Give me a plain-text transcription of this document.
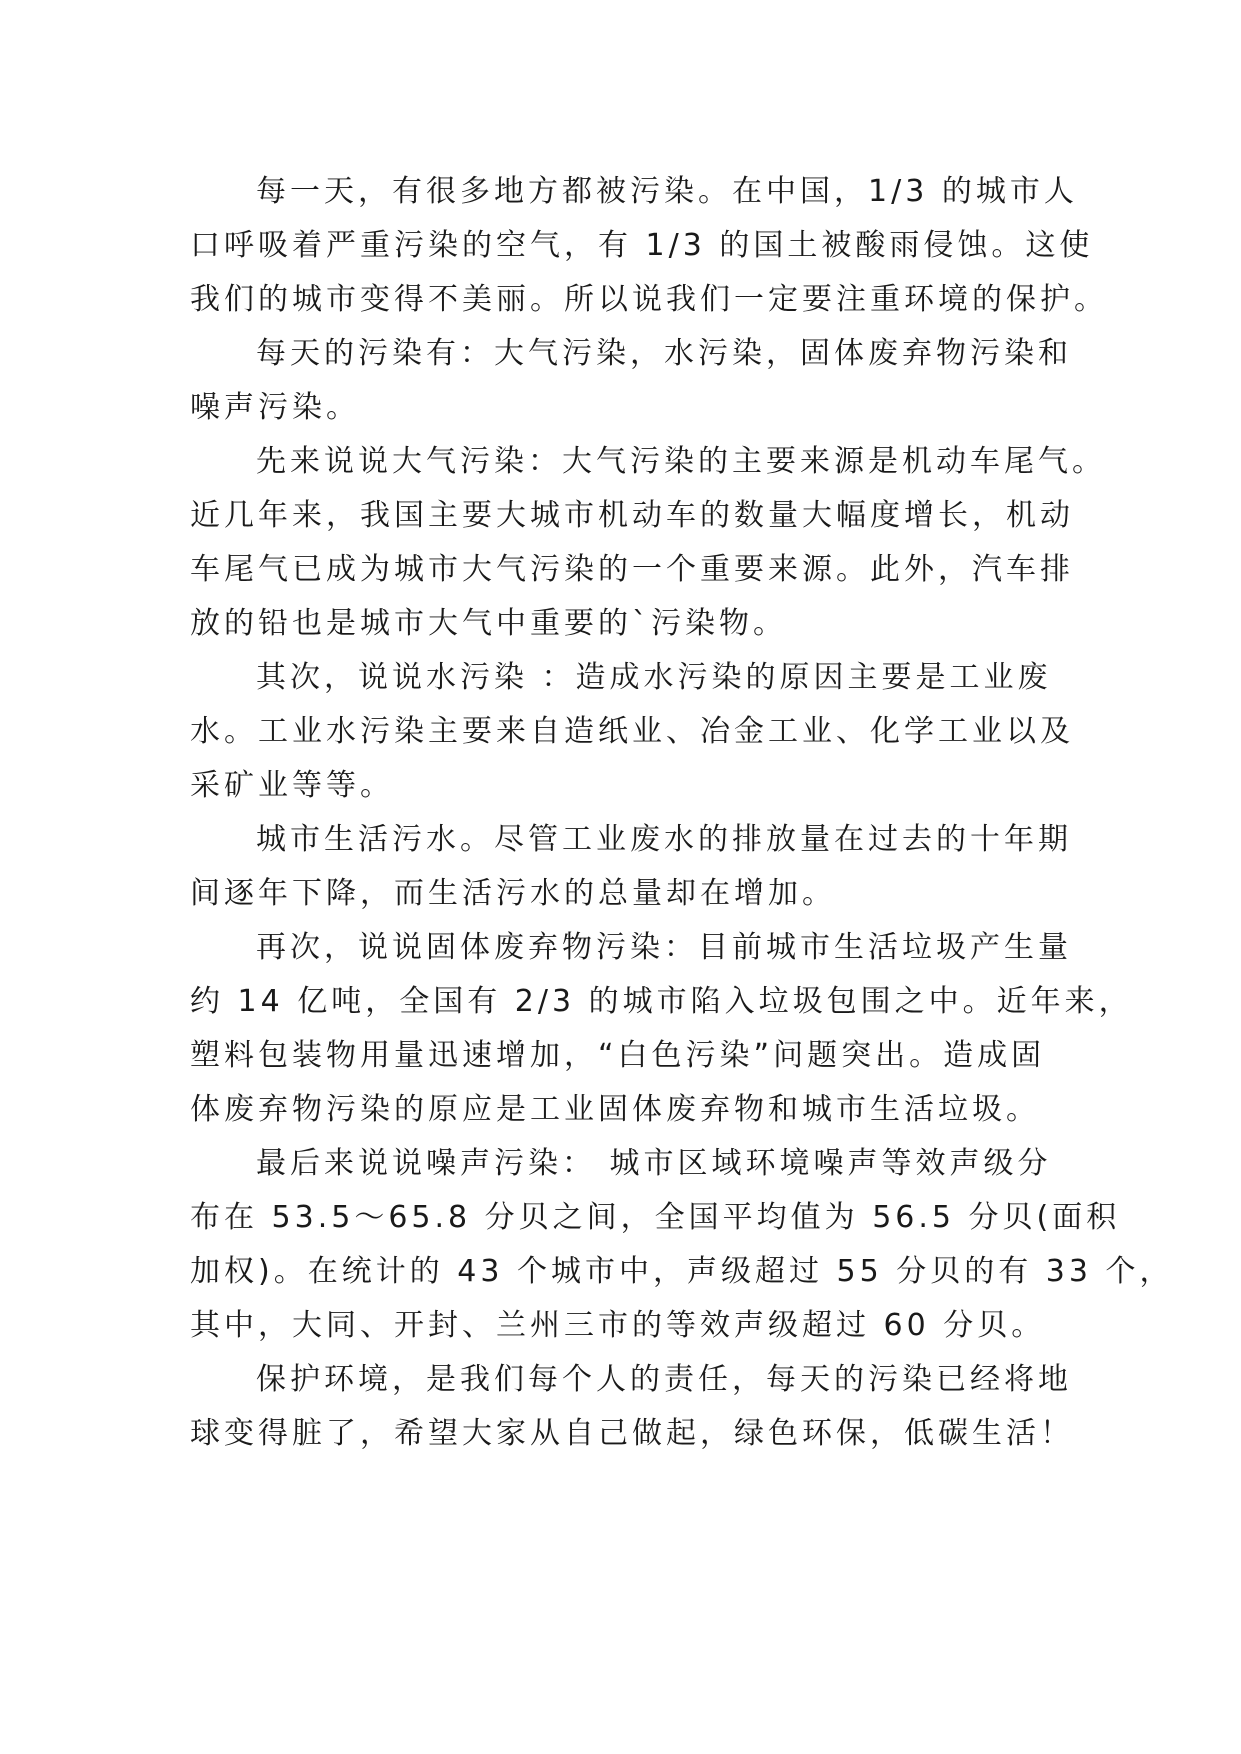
每一天，有很多地方都被污染。在中国，1/3 的城市人
口呼吸着严重污染的空气，有 1/3 的国土被酸雨侵蚀。这使
我们的城市变得不美丽。所以说我们一定要注重环境的保护。

每天的污染有：大气污染，水污染，固体废弃物污染和
噪声污染。

先来说说大气污染：大气污染的主要来源是机动车尾气。
近几年来，我国主要大城市机动车的数量大幅度增长，机动
车尾气已成为城市大气污染的一个重要来源。此外，汽车排
放的铅也是城市大气中重要的`污染物。

其次，说说水污染 ：造成水污染的原因主要是工业废
水。工业水污染主要来自造纸业、冶金工业、化学工业以及
采矿业等等。

城市生活污水。尽管工业废水的排放量在过去的十年期
间逐年下降，而生活污水的总量却在增加。

再次，说说固体废弃物污染：目前城市生活垃圾产生量
约 14 亿吨，全国有 2/3 的城市陷入垃圾包围之中。近年来，
塑料包装物用量迅速增加，“白色污染”问题突出。造成固
体废弃物污染的原应是工业固体废弃物和城市生活垃圾。

最后来说说噪声污染： 城市区域环境噪声等效声级分
布在 53.5～65.8 分贝之间，全国平均值为 56.5 分贝(面积
加权)。在统计的 43 个城市中，声级超过 55 分贝的有 33 个，
其中，大同、开封、兰州三市的等效声级超过 60 分贝。

保护环境，是我们每个人的责任，每天的污染已经将地
球变得脏了，希望大家从自己做起，绿色环保，低碳生活！
